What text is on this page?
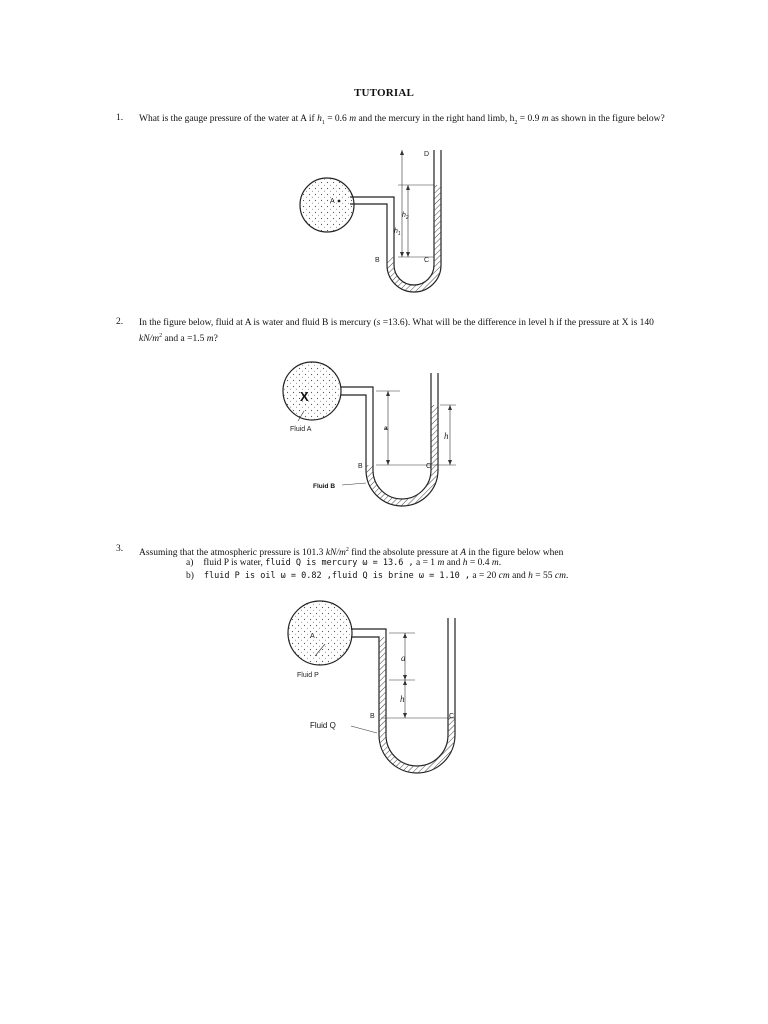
TUTORIAL
1. What is the gauge pressure of the water at A if $h_1 = 0.6$ m and the mercury in the right hand limb, $h_2 = 0.9$ m as shown in the figure below?
A
D
B	C
$h_2$
$h_1$
2. In the figure below, fluid at A is water and fluid B is mercury (s =13.6). What will be the difference in level h if the pressure at X is 140 $kN/m^2$ and a =1.5 m?
X
Fluid A	a
h
B	C
Fluid B
3. Assuming that the atmospheric pressure is 101.3 $kN/m^2$ find the absolute pressure at A in the figure below when
a) fluid P is water, fluid Q is mercury ω = 13.6 , a = 1 m and h = 0.4 m.
b) fluid P is oil ω = 0.82 ,fluid Q is brine ω = 1.10 , a = 20 cm and h = 55 cm.
A
Fluid P
a
h
B	C
Fluid Q
